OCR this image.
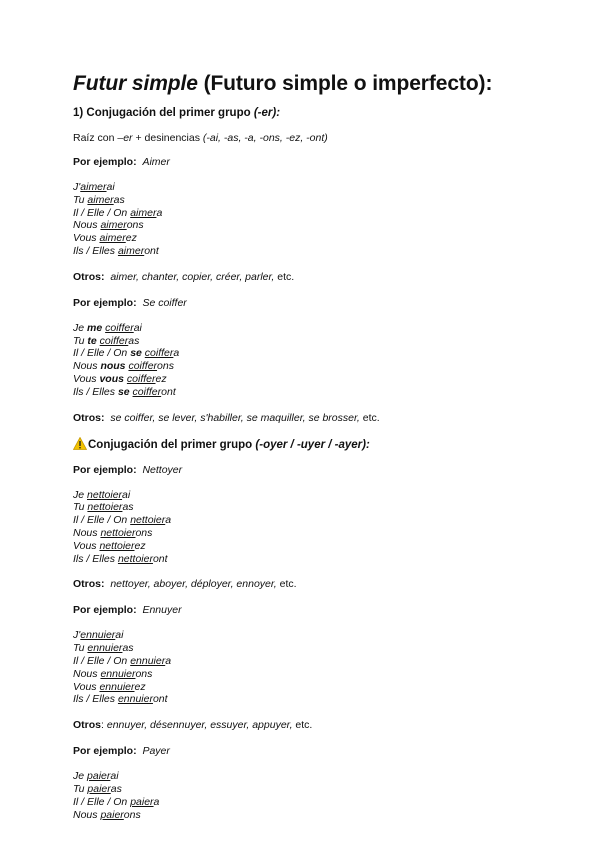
Futur simple (Futuro simple o imperfecto):
1) Conjugación del primer grupo (-er):

Raíz con –er + desinencias (-ai, -as, -a, -ons, -ez, -ont)

Por ejemplo: Aimer

J'aimerai
Tu aimeras
Il / Elle / On aimera
Nous aimerons
Vous aimerez
Ils / Elles aimeront

Otros: aimer, chanter, copier, créer, parler, etc.

Por ejemplo: Se coiffer

Je me coifferai
Tu te coifferas
Il / Elle / On se coiffera
Nous nous coifferons
Vous vous coifferez
Ils / Elles se coifferont

Otros: se coiffer, se lever, s'habiller, se maquiller, se brosser, etc.

Conjugación del primer grupo (-oyer / -uyer / -ayer):

Por ejemplo: Nettoyer

Je nettoierai
Tu nettoieras
Il / Elle / On nettoiera
Nous nettoierons
Vous nettoierez
Ils / Elles nettoieront

Otros: nettoyer, aboyer, déployer, ennoyer, etc.

Por ejemplo: Ennuyer

J'ennuierai
Tu ennuieras
Il / Elle / On ennuiera
Nous ennuierons
Vous ennuierez
Ils / Elles ennuieront

Otros: ennuyer, désennuyer, essuyer, appuyer, etc.

Por ejemplo: Payer

Je paierai
Tu paieras
Il / Elle / On paiera
Nous paierons
